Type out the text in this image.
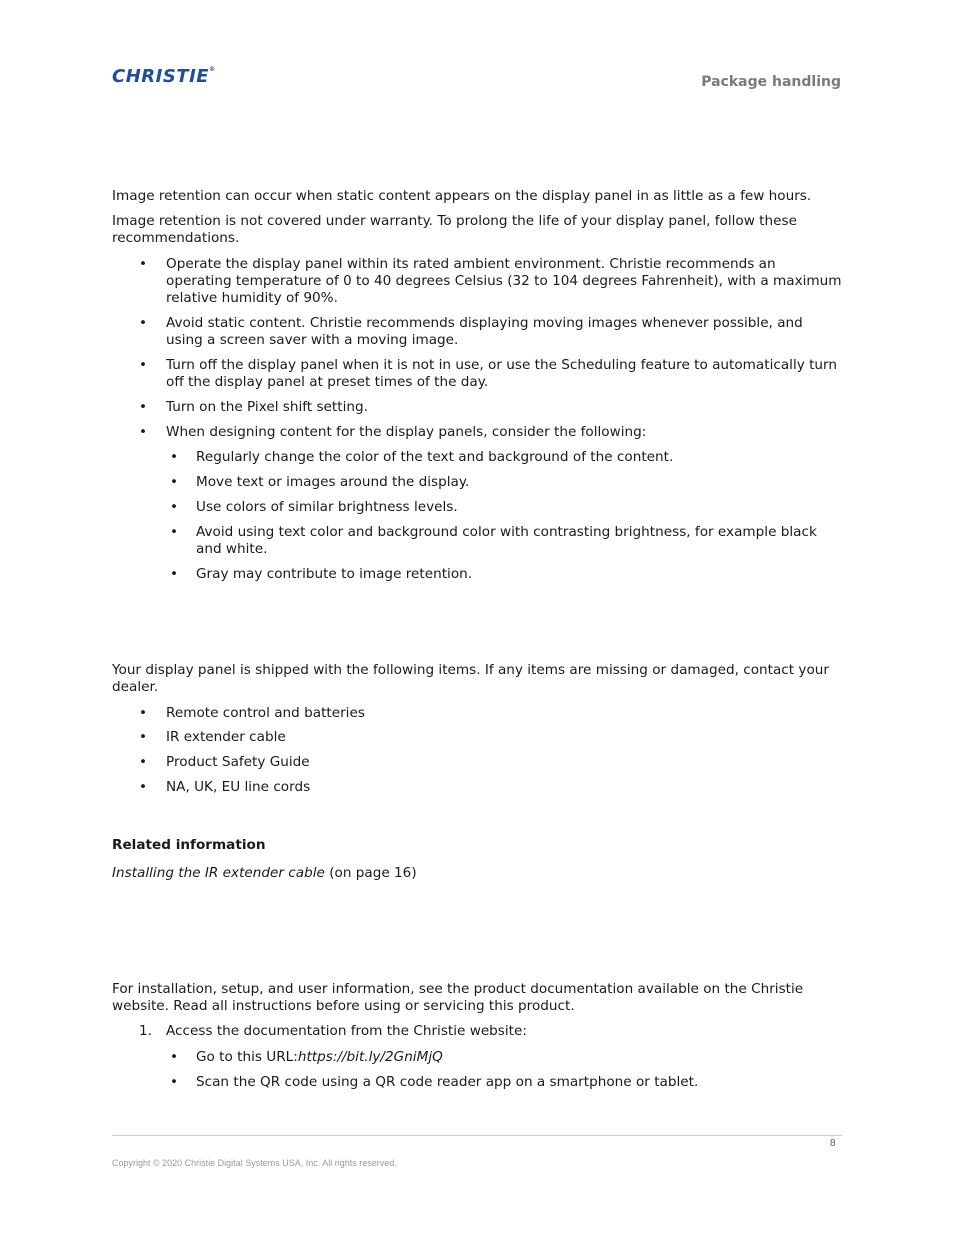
CHRISTIE®
Package handling

Image retention can occur when static content appears on the display panel in as little as a few hours.

Image retention is not covered under warranty. To prolong the life of your display panel, follow these recommendations.

• Operate the display panel within its rated ambient environment. Christie recommends an operating temperature of 0 to 40 degrees Celsius (32 to 104 degrees Fahrenheit), with a maximum relative humidity of 90%.
• Avoid static content. Christie recommends displaying moving images whenever possible, and using a screen saver with a moving image.
• Turn off the display panel when it is not in use, or use the Scheduling feature to automatically turn off the display panel at preset times of the day.
• Turn on the Pixel shift setting.
• When designing content for the display panels, consider the following:
• Regularly change the color of the text and background of the content.
• Move text or images around the display.
• Use colors of similar brightness levels.
• Avoid using text color and background color with contrasting brightness, for example black and white.
• Gray may contribute to image retention.

Your display panel is shipped with the following items. If any items are missing or damaged, contact your dealer.

• Remote control and batteries
• IR extender cable
• Product Safety Guide
• NA, UK, EU line cords
Related information
Installing the IR extender cable (on page 16)

For installation, setup, and user information, see the product documentation available on the Christie website. Read all instructions before using or servicing this product.

1. Access the documentation from the Christie website:
• Go to this URL:https://bit.ly/2GniMjQ
• Scan the QR code using a QR code reader app on a smartphone or tablet.
8
Copyright © 2020 Christie Digital Systems USA, Inc. All rights reserved.
